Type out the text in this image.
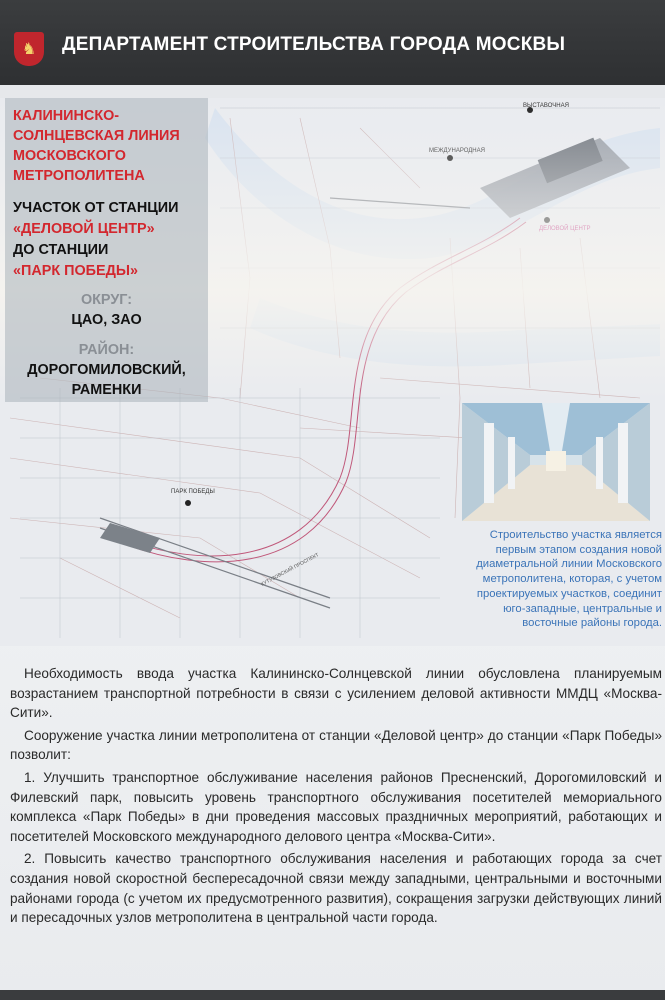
♞	ДЕПАРТАМЕНТ СТРОИТЕЛЬСТВА ГОРОДА МОСКВЫ
КАЛИНИНСКО-
СОЛНЦЕВСКАЯ ЛИНИЯ
МОСКОВСКОГО
МЕТРОПОЛИТЕНА
УЧАСТОК ОТ СТАНЦИИ
«ДЕЛОВОЙ ЦЕНТР»
ДО СТАНЦИИ
«ПАРК ПОБЕДЫ»
ОКРУГ:
ЦАО, ЗАО
РАЙОН:
ДОРОГОМИЛОВСКИЙ,
РАМЕНКИ
Строительство участка является
первым этапом создания новой
диаметральной линии Московского
метрополитена, которая, с учетом
проектируемых участков, соединит
юго-западные, центральные и
восточные районы города.

Необходимость ввода участка Калининско-Солнцевской линии обусловлена планируемым возрастанием транспортной потребности в связи с усилением деловой активности ММДЦ «Москва-Сити».

Сооружение участка линии метрополитена от станции «Деловой центр» до станции «Парк Победы» позволит:

1. Улучшить транспортное обслуживание населения районов Пресненский, Дорогомиловский и Филевский парк, повысить уровень транспортного обслуживания посетителей мемориального комплекса «Парк Победы» в дни проведения массовых праздничных мероприятий, работающих и посетителей Московского международного делового центра «Москва-Сити».

2. Повысить качество транспортного обслуживания населения и работающих города за счет создания новой скоростной беспересадочной связи между западными, центральными и восточными районами города (с учетом их предусмотренного развития), сокращения загрузки действующих линий и пересадочных узлов метрополитена в центральной части города.
